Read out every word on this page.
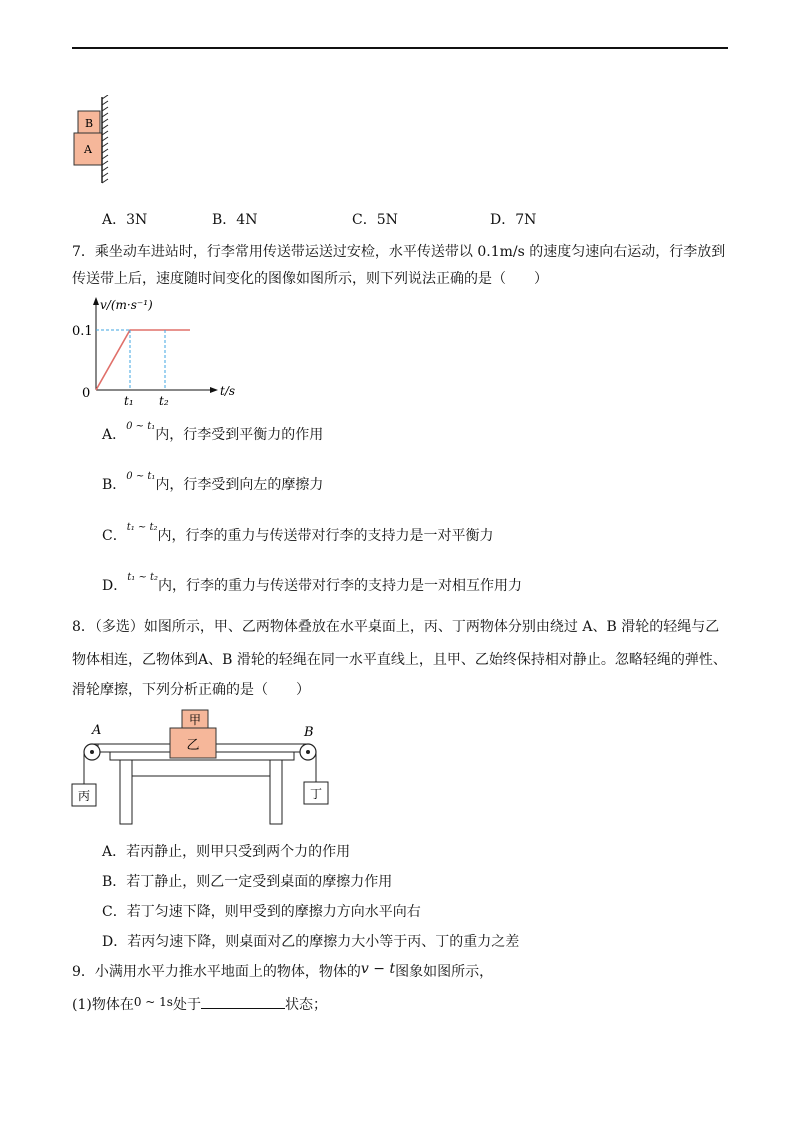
B
A
A．3N	B．4N	C．5N	D．7N
7．乘坐动车进站时，行李常用传送带运送过安检，水平传送带以 0.1m/s 的速度匀速向右运动，行李放到
传送带上后，速度随时间变化的图像如图所示，则下列说法正确的是（　　）
v/(m·s⁻¹)
0.1
0	t₁ t₂
t/s
A．$^{0 \sim t_1}$内，行李受到平衡力的作用
B．$^{0 \sim t_1}$内，行李受到向左的摩擦力
C．$^{t_1 \sim t_2}$内，行李的重力与传送带对行李的支持力是一对平衡力
D．$^{t_1 \sim t_2}$内，行李的重力与传送带对行李的支持力是一对相互作用力
8．（多选）如图所示，甲、乙两物体叠放在水平桌面上，丙、丁两物体分别由绕过 A、B 滑轮的轻绳与乙
物体相连，乙物体到A、B 滑轮的轻绳在同一水平直线上，且甲、乙始终保持相对静止。忽略轻绳的弹性、
滑轮摩擦，下列分析正确的是（　　）
甲
乙
丙	丁
A	B
A．若丙静止，则甲只受到两个力的作用
B．若丁静止，则乙一定受到桌面的摩擦力作用
C．若丁匀速下降，则甲受到的摩擦力方向水平向右
D．若丙匀速下降，则桌面对乙的摩擦力大小等于丙、丁的重力之差
9．小满用水平力推水平地面上的物体，物体的v − t图象如图所示，
(1)物体在0 ~ 1s处于	状态；
